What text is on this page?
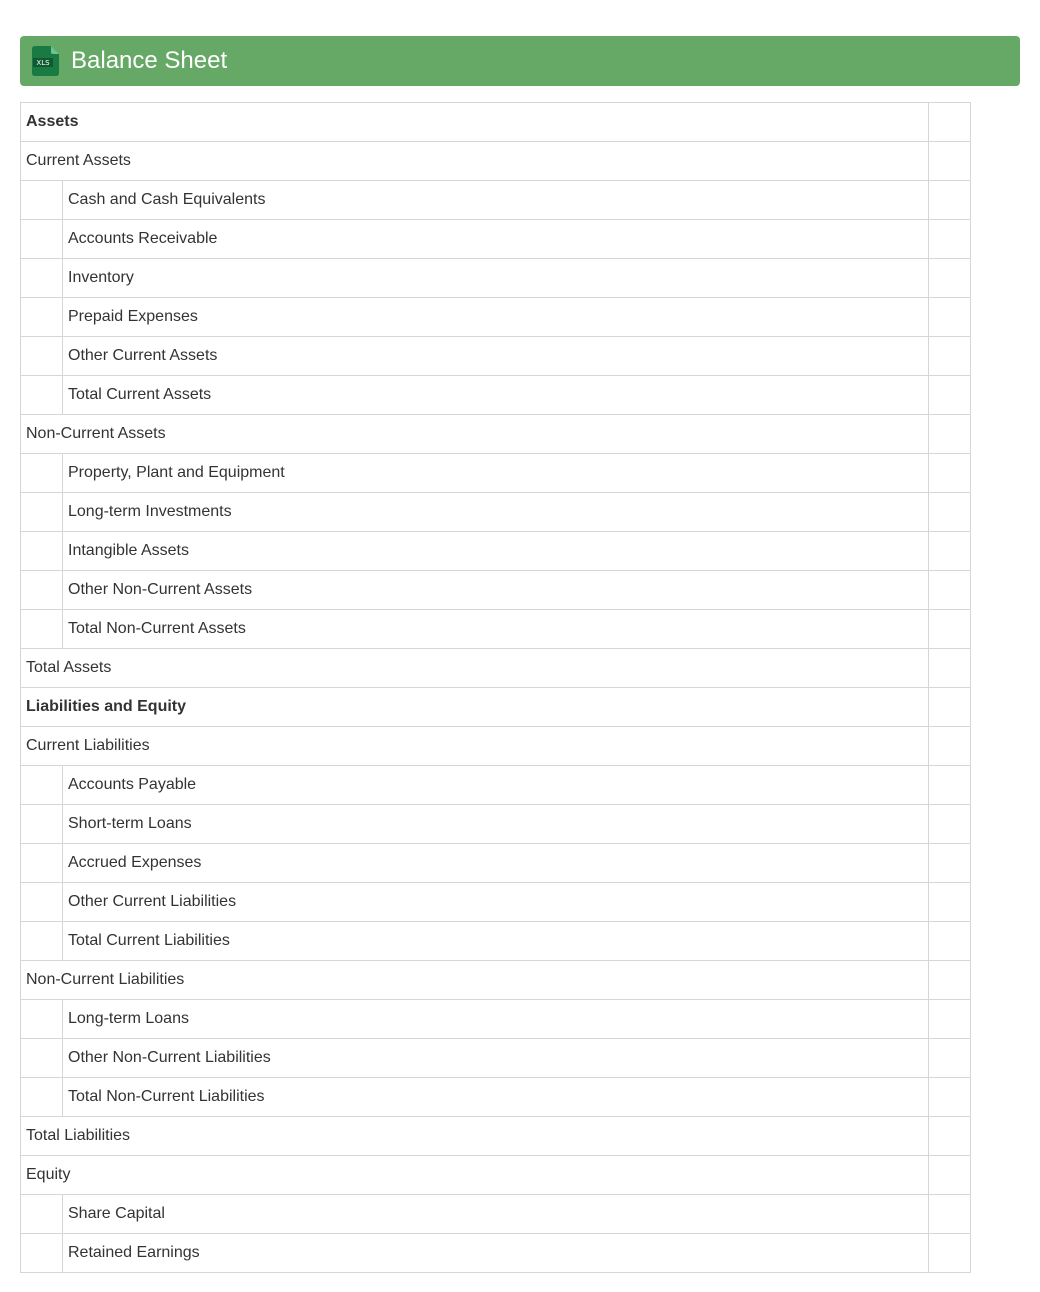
XLS Balance Sheet
Assets		
Current Assets		
	Cash and Cash Equivalents	
	Accounts Receivable	
	Inventory	
	Prepaid Expenses	
	Other Current Assets	
	Total Current Assets	
Non-Current Assets		
	Property, Plant and Equipment	
	Long-term Investments	
	Intangible Assets	
	Other Non-Current Assets	
	Total Non-Current Assets	
Total Assets		
Liabilities and Equity		
Current Liabilities		
	Accounts Payable	
	Short-term Loans	
	Accrued Expenses	
	Other Current Liabilities	
	Total Current Liabilities	
Non-Current Liabilities		
	Long-term Loans	
	Other Non-Current Liabilities	
	Total Non-Current Liabilities	
Total Liabilities		
Equity		
	Share Capital	
	Retained Earnings	
